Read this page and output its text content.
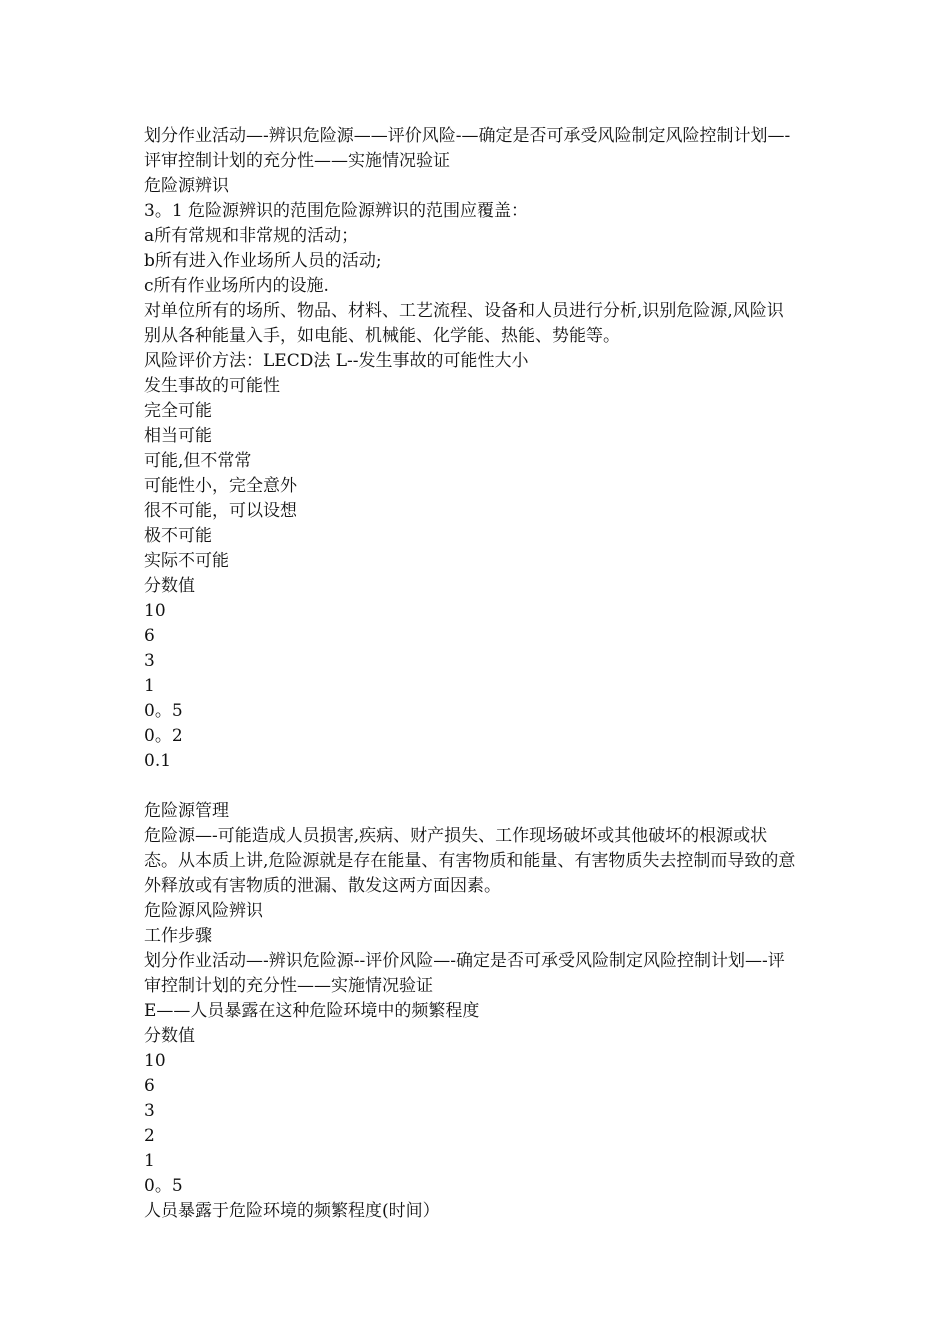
划分作业活动—-辨识危险源——评价风险-—确定是否可承受风险制定风险控制计划—-评审控制计划的充分性——实施情况验证
危险源辨识
3。1 危险源辨识的范围危险源辨识的范围应覆盖：
a所有常规和非常规的活动；
b所有进入作业场所人员的活动;
c所有作业场所内的设施.
对单位所有的场所、物品、材料、工艺流程、设备和人员进行分析,识别危险源,风险识别从各种能量入手，如电能、机械能、化学能、热能、势能等。
风险评价方法：LECD法 L--发生事故的可能性大小
发生事故的可能性
完全可能
相当可能
可能,但不常常
可能性小，完全意外
很不可能，可以设想
极不可能
实际不可能
分数值
10
6
3
1
0。5
0。2
0.1
危险源管理
危险源—-可能造成人员损害,疾病、财产损失、工作现场破坏或其他破坏的根源或状态。从本质上讲,危险源就是存在能量、有害物质和能量、有害物质失去控制而导致的意外释放或有害物质的泄漏、散发这两方面因素。
危险源风险辨识
工作步骤
划分作业活动—-辨识危险源--评价风险—-确定是否可承受风险制定风险控制计划—-评审控制计划的充分性——实施情况验证
E——人员暴露在这种危险环境中的频繁程度
分数值
10
6
3
2
1
0。5
人员暴露于危险环境的频繁程度(时间）
